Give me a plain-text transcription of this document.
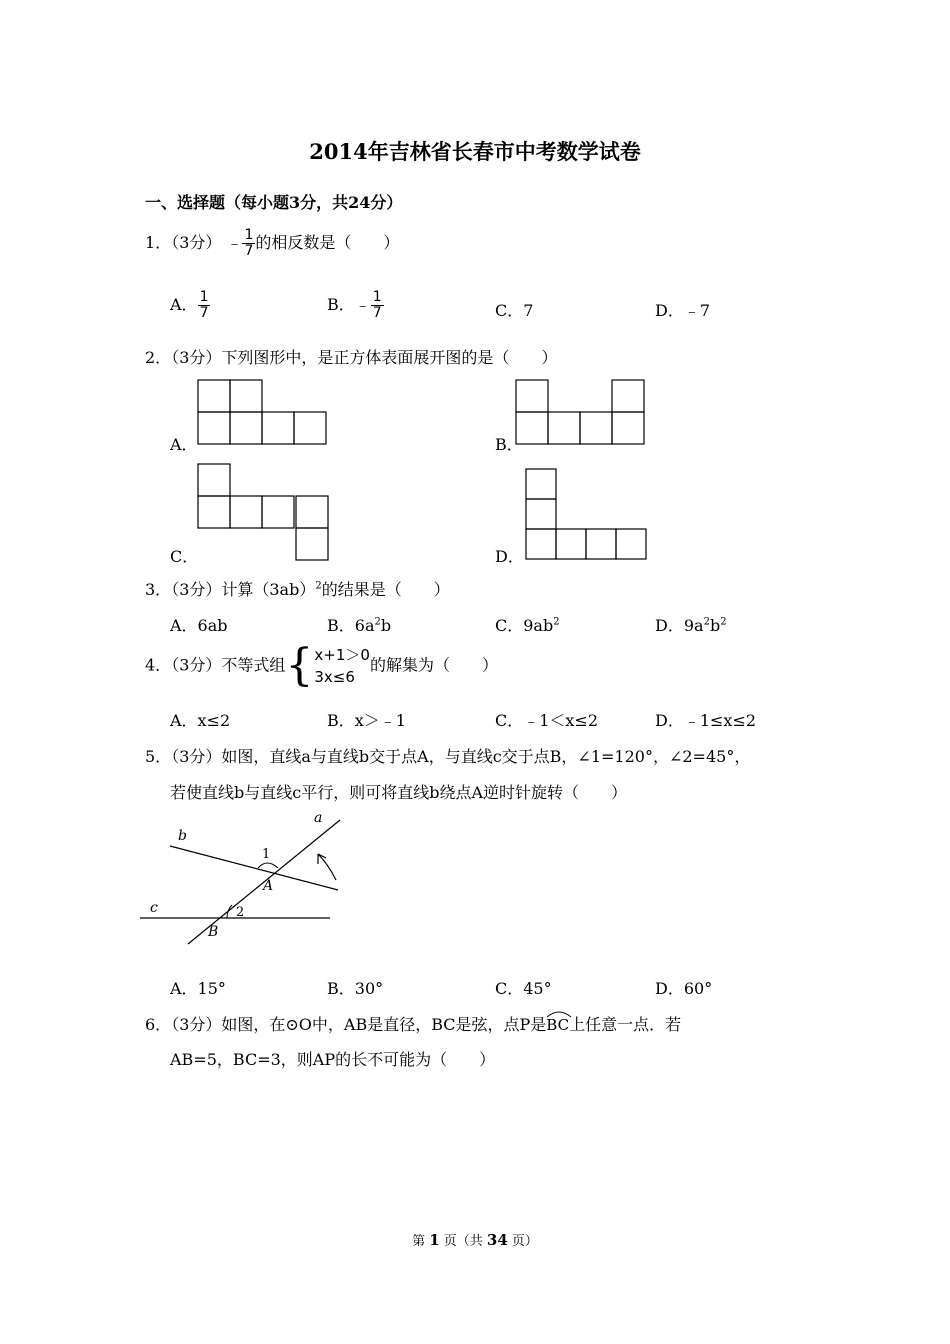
2014年吉林省长春市中考数学试卷
一、选择题（每小题3分，共24分）
1．（3分） ﹣ $\frac{1}{7}$ 的相反数是（　　）
A． $\frac{1}{7}$	B．﹣ $\frac{1}{7}$	C．7	D．﹣7
2．（3分）下列图形中，是正方体表面展开图的是（　　）
A．	B．
C．	D．
3．（3分）计算$(3ab)^2$的结果是（　　）
A．6ab	B．$6a^2b$	C．$9ab^2$	D．$9a^2b^2$
4．（3分）不等式组 { x+1＞0
3x≤6
的解集为（　　）
A．x≤2	B．x＞﹣1	C．﹣1＜x≤2	D．﹣1≤x≤2
5．（3分）如图，直线a与直线b交于点A，与直线c交于点B，∠1=120°，∠2=45°，
若使直线b与直线c平行，则可将直线b绕点A逆时针旋转（　　）
a
b
c
A
B
1
2
A．15°	B．30°	C．45°	D．60°
6．（3分）如图，在⊙O中，AB是直径，BC是弦，点P是
BC上任意一点．若
AB=5，BC=3，则AP的长不可能为（　　）
第 1 页（共 34 页）
